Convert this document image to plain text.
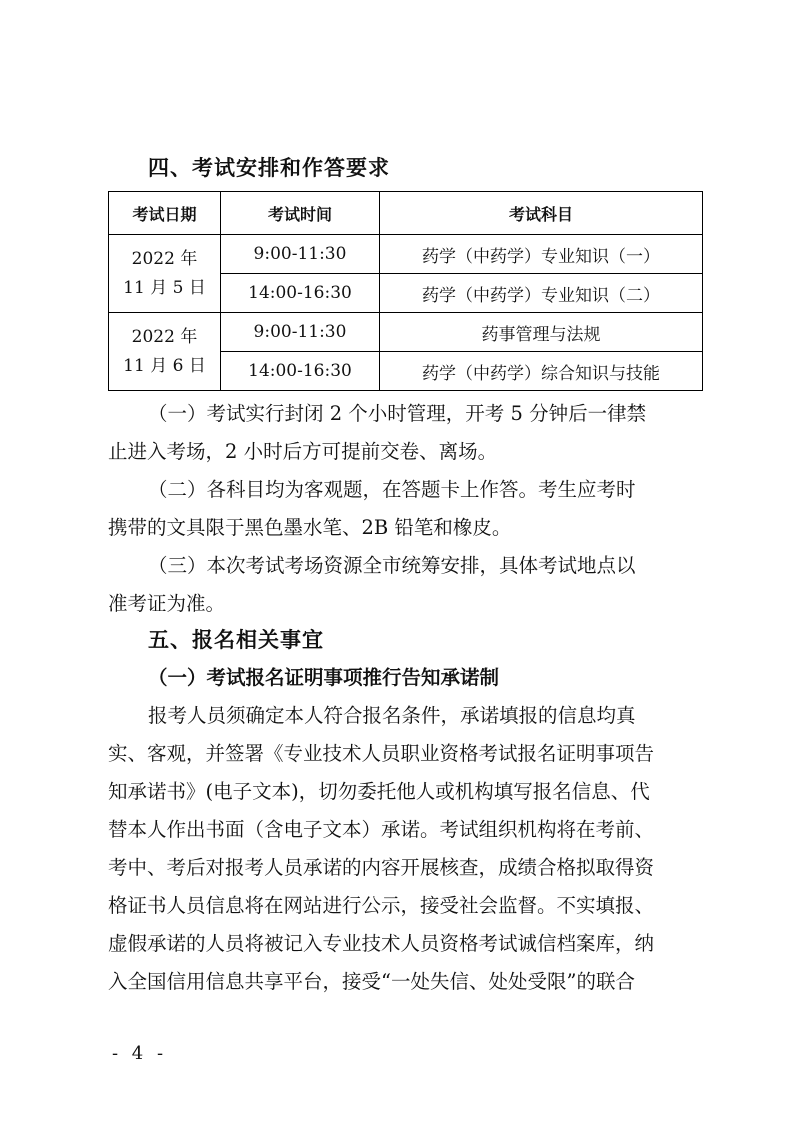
四、考试安排和作答要求
考试日期	考试时间	考试科目

2022 年
11 月 5 日	9:00-11:30	药学（中药学）专业知识（一）
	14:00-16:30	药学（中药学）专业知识（二）

2022 年
11 月 6 日	9:00-11:30	药事管理与法规
	14:00-16:30	药学（中药学）综合知识与技能
（一）考试实行封闭 2 个小时管理，开考 5 分钟后一律禁
止进入考场，2 小时后方可提前交卷、离场。
（二）各科目均为客观题，在答题卡上作答。考生应考时
携带的文具限于黑色墨水笔、2B 铅笔和橡皮。
（三）本次考试考场资源全市统筹安排，具体考试地点以
准考证为准。
五、报名相关事宜
（一）考试报名证明事项推行告知承诺制
报考人员须确定本人符合报名条件，承诺填报的信息均真
实、客观，并签署《专业技术人员职业资格考试报名证明事项告
知承诺书》(电子文本)，切勿委托他人或机构填写报名信息、代
替本人作出书面（含电子文本）承诺。考试组织机构将在考前、
考中、考后对报考人员承诺的内容开展核查，成绩合格拟取得资
格证书人员信息将在网站进行公示，接受社会监督。不实填报、
虚假承诺的人员将被记入专业技术人员资格考试诚信档案库，纳
入全国信用信息共享平台，接受“一处失信、处处受限”的联合
- 4 -
